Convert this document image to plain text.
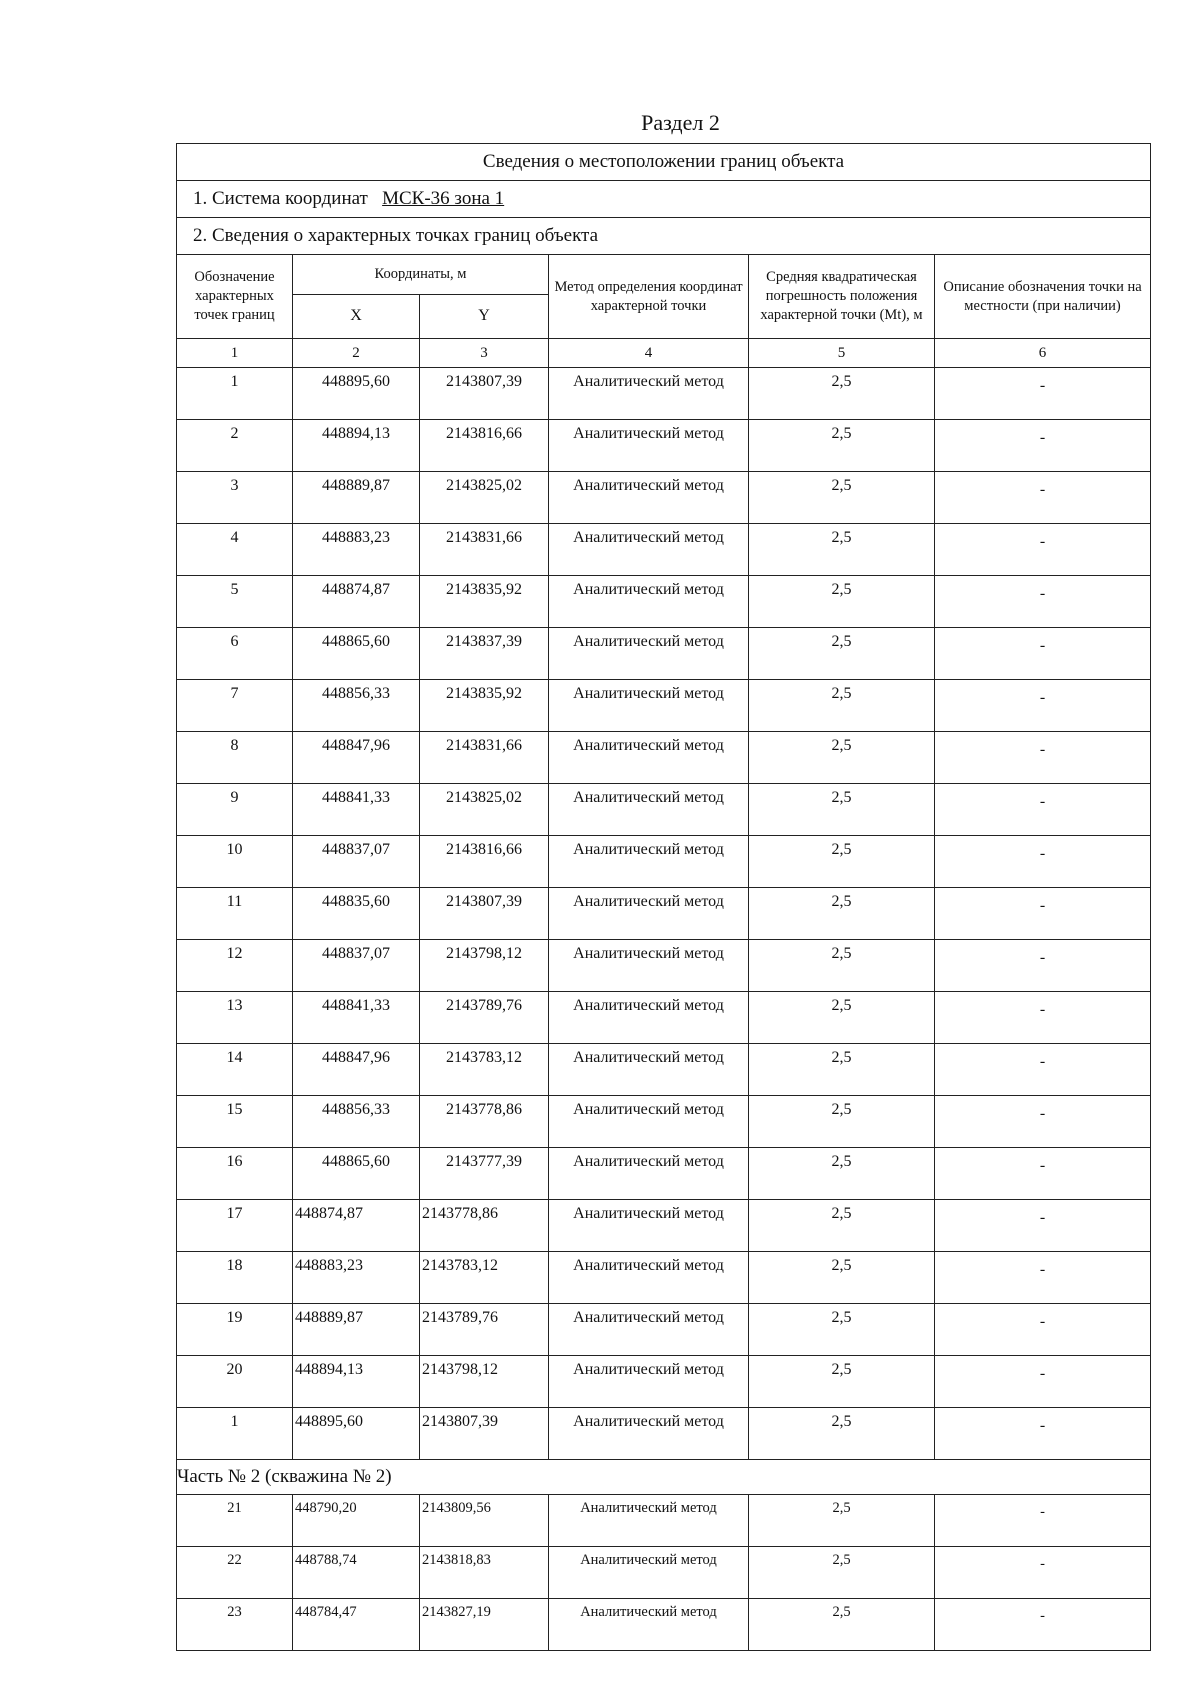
Раздел 2
Сведения о местоположении границ объекта					
1. Система координат МСК-36 зона 1					
2. Сведения о характерных точках границ объекта					
Обозначение характерных точек границ	Координаты, м		Метод определения координат характерной точки	Средняя квадратическая погрешность положения характерной точки (Mt), м	Описание обозначения точки на местности (при наличии)
	X	Y			
1	2	3	4	5	6
1	448895,60	2143807,39	Аналитический метод	2,5	-
2	448894,13	2143816,66	Аналитический метод	2,5	-
3	448889,87	2143825,02	Аналитический метод	2,5	-
4	448883,23	2143831,66	Аналитический метод	2,5	-
5	448874,87	2143835,92	Аналитический метод	2,5	-
6	448865,60	2143837,39	Аналитический метод	2,5	-
7	448856,33	2143835,92	Аналитический метод	2,5	-
8	448847,96	2143831,66	Аналитический метод	2,5	-
9	448841,33	2143825,02	Аналитический метод	2,5	-
10	448837,07	2143816,66	Аналитический метод	2,5	-
11	448835,60	2143807,39	Аналитический метод	2,5	-
12	448837,07	2143798,12	Аналитический метод	2,5	-
13	448841,33	2143789,76	Аналитический метод	2,5	-
14	448847,96	2143783,12	Аналитический метод	2,5	-
15	448856,33	2143778,86	Аналитический метод	2,5	-
16	448865,60	2143777,39	Аналитический метод	2,5	-
17	448874,87	2143778,86	Аналитический метод	2,5	-
18	448883,23	2143783,12	Аналитический метод	2,5	-
19	448889,87	2143789,76	Аналитический метод	2,5	-
20	448894,13	2143798,12	Аналитический метод	2,5	-
1	448895,60	2143807,39	Аналитический метод	2,5	-
Часть № 2 (скважина № 2)					
21	448790,20	2143809,56	Аналитический метод	2,5	-
22	448788,74	2143818,83	Аналитический метод	2,5	-
23	448784,47	2143827,19	Аналитический метод	2,5	-
